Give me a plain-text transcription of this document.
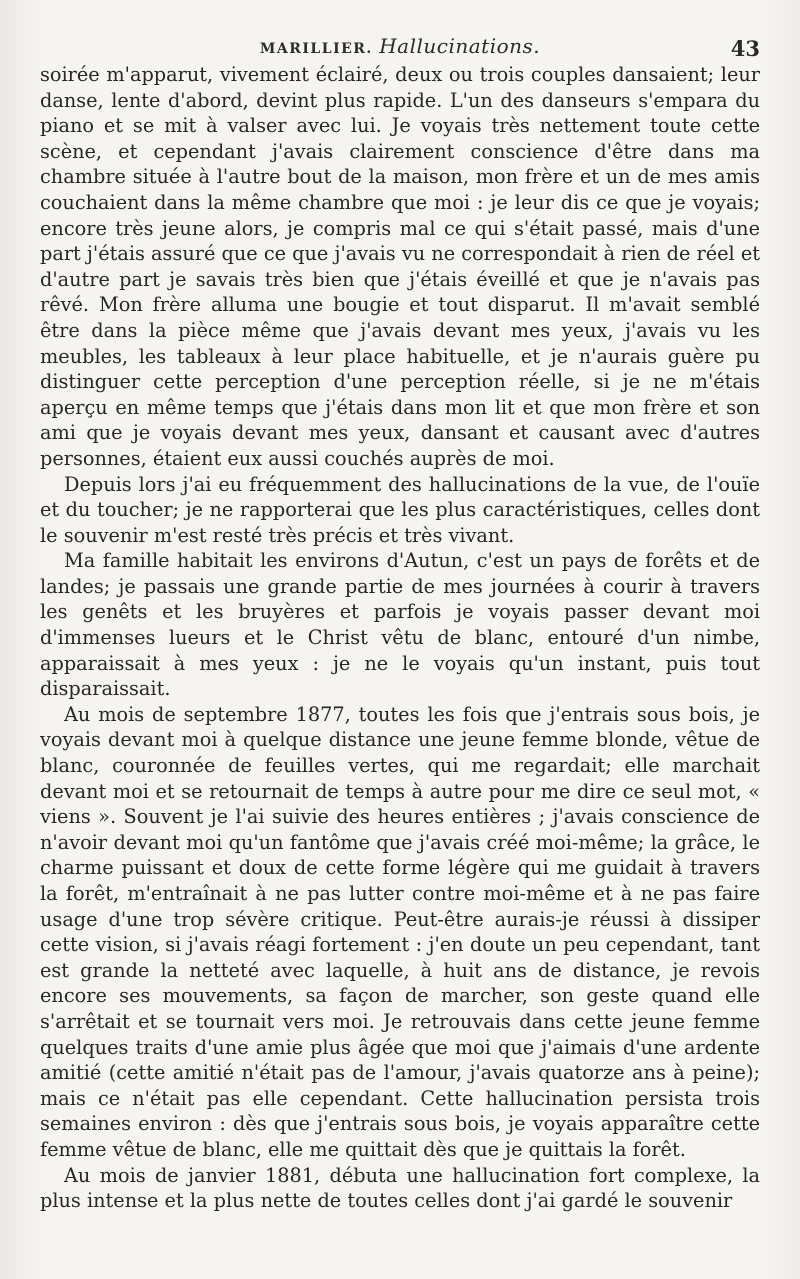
MARILLIER. Hallucinations.	43

soirée m'apparut, vivement éclairé, deux ou trois couples dansaient; leur danse, lente d'abord, devint plus rapide. L'un des danseurs s'empara du piano et se mit à valser avec lui. Je voyais très nettement toute cette scène, et cependant j'avais clairement conscience d'être dans ma chambre située à l'autre bout de la maison, mon frère et un de mes amis couchaient dans la même chambre que moi : je leur dis ce que je voyais; encore très jeune alors, je compris mal ce qui s'était passé, mais d'une part j'étais assuré que ce que j'avais vu ne correspondait à rien de réel et d'autre part je savais très bien que j'étais éveillé et que je n'avais pas rêvé. Mon frère alluma une bougie et tout disparut. Il m'avait semblé être dans la pièce même que j'avais devant mes yeux, j'avais vu les meubles, les tableaux à leur place habituelle, et je n'aurais guère pu distinguer cette perception d'une perception réelle, si je ne m'étais aperçu en même temps que j'étais dans mon lit et que mon frère et son ami que je voyais devant mes yeux, dansant et causant avec d'autres personnes, étaient eux aussi couchés auprès de moi.

Depuis lors j'ai eu fréquemment des hallucinations de la vue, de l'ouïe et du toucher; je ne rapporterai que les plus caractéristiques, celles dont le souvenir m'est resté très précis et très vivant.

Ma famille habitait les environs d'Autun, c'est un pays de forêts et de landes; je passais une grande partie de mes journées à courir à travers les genêts et les bruyères et parfois je voyais passer devant moi d'immenses lueurs et le Christ vêtu de blanc, entouré d'un nimbe, apparaissait à mes yeux : je ne le voyais qu'un instant, puis tout disparaissait.

Au mois de septembre 1877, toutes les fois que j'entrais sous bois, je voyais devant moi à quelque distance une jeune femme blonde, vêtue de blanc, couronnée de feuilles vertes, qui me regardait; elle marchait devant moi et se retournait de temps à autre pour me dire ce seul mot, « viens ». Souvent je l'ai suivie des heures entières ; j'avais conscience de n'avoir devant moi qu'un fantôme que j'avais créé moi-même; la grâce, le charme puissant et doux de cette forme légère qui me guidait à travers la forêt, m'entraînait à ne pas lutter contre moi-même et à ne pas faire usage d'une trop sévère critique. Peut-être aurais-je réussi à dissiper cette vision, si j'avais réagi fortement : j'en doute un peu cependant, tant est grande la netteté avec laquelle, à huit ans de distance, je revois encore ses mouvements, sa façon de marcher, son geste quand elle s'arrêtait et se tournait vers moi. Je retrouvais dans cette jeune femme quelques traits d'une amie plus âgée que moi que j'aimais d'une ardente amitié (cette amitié n'était pas de l'amour, j'avais quatorze ans à peine); mais ce n'était pas elle cependant. Cette hallucination persista trois semaines environ : dès que j'entrais sous bois, je voyais apparaître cette femme vêtue de blanc, elle me quittait dès que je quittais la forêt.

Au mois de janvier 1881, débuta une hallucination fort complexe, la plus intense et la plus nette de toutes celles dont j'ai gardé le souvenir
